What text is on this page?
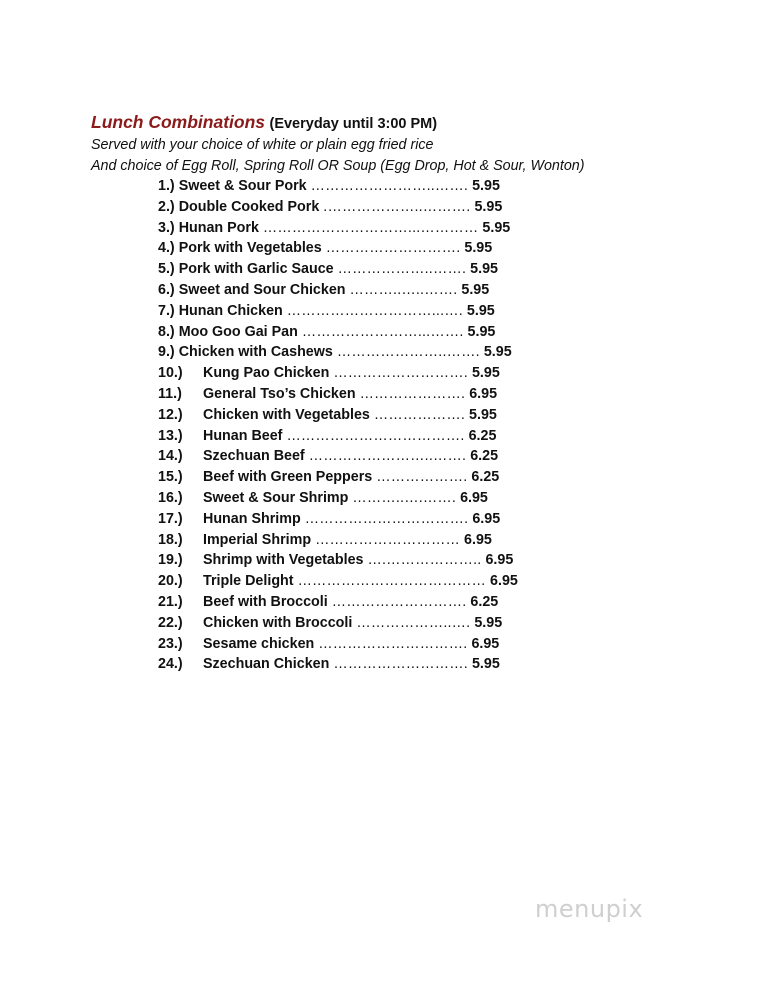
Lunch Combinations (Everyday until 3:00 PM)
Served with your choice of white or plain egg fried rice
And choice of Egg Roll, Spring Roll OR Soup (Egg Drop, Hot & Sour, Wonton)
1.) Sweet & Sour Pork ……………………..……. 5.95
2.) Double Cooked Pork .………………..………. 5.95
3.) Hunan Pork …………………………...………… 5.95
4.) Pork with Vegetables ………………………. 5.95
5.) Pork with Garlic Sauce ………………..……. 5.95
6.) Sweet and Sour Chicken ………..…..……. 5.95
7.) Hunan Chicken …………………………...…. 5.95
8.) Moo Goo Gai Pan ……………………...……. 5.95
9.) Chicken with Cashews …………………..……. 5.95
10.)	Kung Pao Chicken ………………………. 5.95
11.)	General Tso’s Chicken …………………. 6.95
12.)	Chicken with Vegetables ………………. 5.95
13.)	Hunan Beef ………………………………. 6.25
14.)	Szechuan Beef ……………………..……. 6.25
15.)	Beef with Green Peppers ………………. 6.25
16.)	Sweet & Sour Shrimp ………..….……. 6.95
17.)	Hunan Shrimp ……………………………. 6.95
18.)	Imperial Shrimp ………………………… 6.95
19.)	Shrimp with Vegetables ….……………….. 6.95
20.)	Triple Delight ………………………………… 6.95
21.)	Beef with Broccoli ………………………. 6.25
22.)	Chicken with Broccoli ………………..…. 5.95
23.)	Sesame chicken …………………………. 6.95
24.)	Szechuan Chicken ………………………. 5.95
menupix
